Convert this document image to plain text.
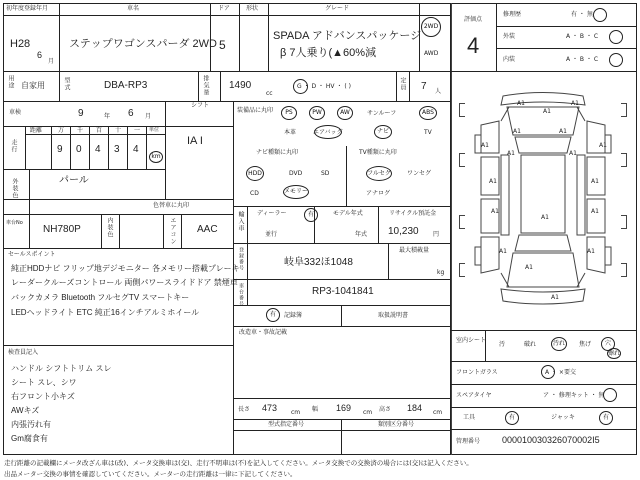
初年度登録年月
H28
6
月
車名
ステップワゴンスパーダ 2WD
ドア
5
形状	グレード
SPADA アドバンスパッケージ
β 7人乗り(▲60%減
2WD
AWD
評価点
4
修理歴	有 ・ 無
外装	A ・ B ・ C
内装	A ・ B ・ C
用途 自家用	型式	DBA-RP3	排気量 1490
cc
G ・ D ・ HV ・ ( )	定員 7 人
車検	9	年 6 月
シフト
IA I
走行
距離	万 千 百 十 一 単位
9 0 4 3 4
km
外装色	パール
色替車に丸印
車台No
NH780P	内装色	エアコン AAC
セールスポイント
純正HDDナビ フリップ地デジモニター 各メモリー搭載プレーキ
レーダークルーズコントロール 両側パワースライドドア 禁煙車
バックカメラ Bluetooth フルセグTV スマートキー
LEDヘッドライト ETC 純正16インチアルミホイール
検査員記入
ハンドル シフトトリム スレ
シート スレ、シワ
右フロント小キズ
AWキズ
内張汚れ有
Gm腐食有
装備品に丸印 PS	PW	AW	サンルーフ	ABS
本革	エアバッグ	ナビ	TV
ナビ種類に丸印
HDD	DVD	SD
CD	メモリー
TV種類に丸印
フルセグ	ワンセグ
アナログ
輸入車 ディーラー	有
並行
モデル年式
年式
リサイクル預託金
10,230 円
登録番号	岐阜332ほ1048
最大積載量
kg
車台番号	RP3-1041841
有 記録簿	取扱説明書
改造車・事故記載
長さ 473 cm 幅 169 cm 高さ 184 cm
型式指定番号	類別区分番号
A1	A1
A1
A1	A1
A1	A1
A1	A1
A1	A1
A1	A1
A1
A1	A1
A1
A1
室内シート
汚	破れ	汚れ 焦げ 穴
擦れ
フロントガラス	A ・ ×要交
スペアタイヤ	ア ・ 修理キット ・ 無
工具	有	ジャッキ	有
管理番号 000010030326070002I5
走行距離の記載欄にメータ改ざん車は(改)、メータ交換車は(交)、走行不明車は(不)を記入してください。メータ交換での交換済の場合には(交)は記入ください。
出品メーター交換の事情を確認していてください。メーターの走行距離は一律に下記してください。
